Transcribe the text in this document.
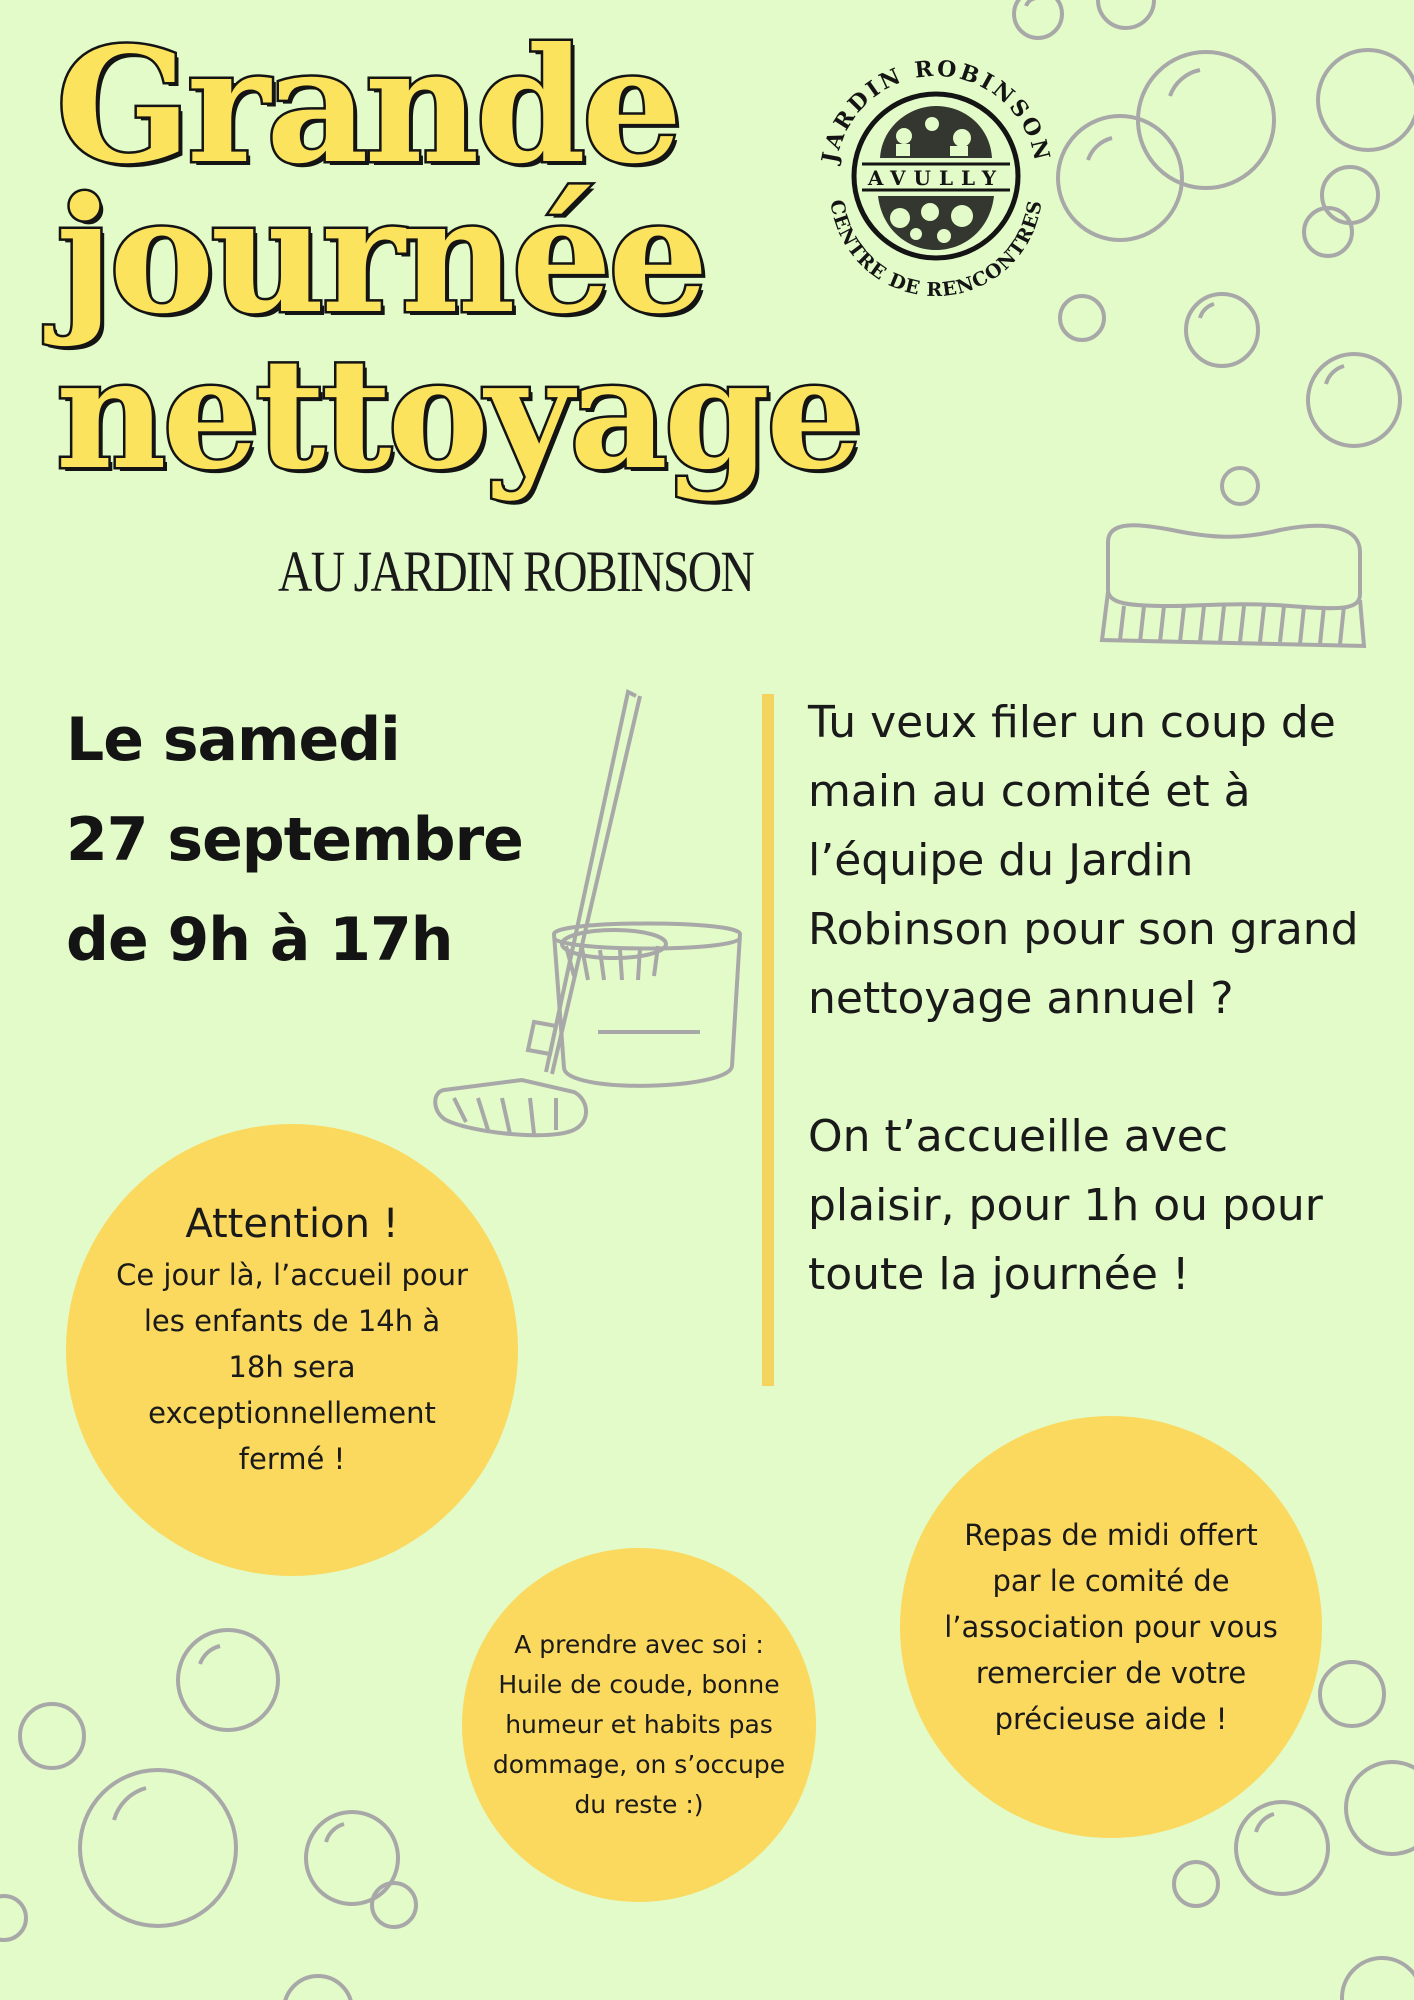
Grande
journée
nettoyage
AU JARDIN ROBINSON
JARDIN ROBINSON
CENTRE DE RENCONTRES
AVULLY
Le samedi
27 septembre
de 9h à 17h

Tu veux filer un coup de main au comité et à l’équipe du Jardin Robinson pour son grand nettoyage annuel ?

On t’accueille avec plaisir, pour 1h ou pour toute la journée !

Attention !
Ce jour là, l’accueil pour les enfants de 14h à 18h sera exceptionnellement fermé !
A prendre avec soi : Huile de coude, bonne humeur et habits pas dommage, on s’occupe du reste :)
Repas de midi offert par le comité de l’association pour vous remercier de votre précieuse aide !
